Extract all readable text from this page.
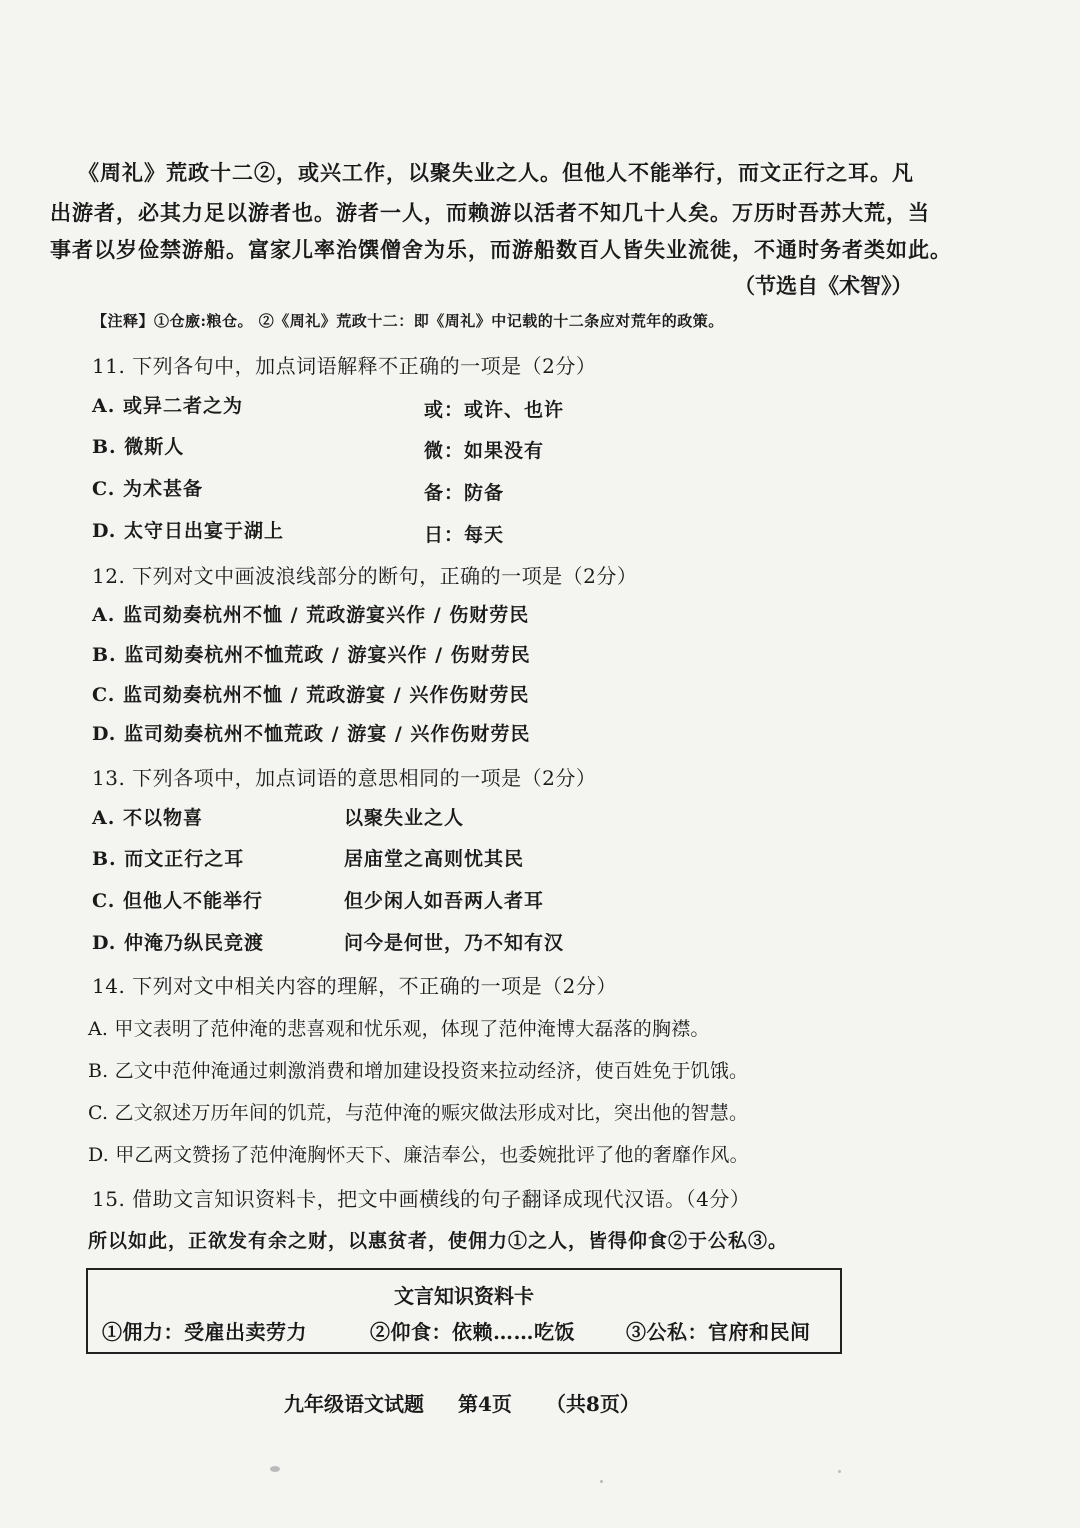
《周礼》荒政十二②，或兴工作，以聚失业之人。但他人不能举行，而文正行之耳。凡
出游者，必其力足以游者也。游者一人，而赖游以活者不知几十人矣。万历时吾苏大荒，当
事者以岁俭禁游船。富家儿率治馔僧舍为乐，而游船数百人皆失业流徙，不通时务者类如此。
（节选自《术智》）
【注释】①仓廒:粮仓。 ②《周礼》荒政十二：即《周礼》中记载的十二条应对荒年的政策。
11. 下列各句中，加点词语解释不正确的一项是（2分）
A. 或异二者之为	或：或许、也许
B. 微斯人	微：如果没有
C. 为术甚备	备：防备
D. 太守日出宴于湖上	日：每天
12. 下列对文中画波浪线部分的断句，正确的一项是（2分）
A. 监司劾奏杭州不恤 / 荒政游宴兴作 / 伤财劳民
B. 监司劾奏杭州不恤荒政 / 游宴兴作 / 伤财劳民
C. 监司劾奏杭州不恤 / 荒政游宴 / 兴作伤财劳民
D. 监司劾奏杭州不恤荒政 / 游宴 / 兴作伤财劳民
13. 下列各项中，加点词语的意思相同的一项是（2分）
A. 不以物喜	以聚失业之人
B. 而文正行之耳	居庙堂之高则忧其民
C. 但他人不能举行	但少闲人如吾两人者耳
D. 仲淹乃纵民竞渡	问今是何世，乃不知有汉
14. 下列对文中相关内容的理解，不正确的一项是（2分）
A. 甲文表明了范仲淹的悲喜观和忧乐观，体现了范仲淹博大磊落的胸襟。
B. 乙文中范仲淹通过刺激消费和增加建设投资来拉动经济，使百姓免于饥饿。
C. 乙文叙述万历年间的饥荒，与范仲淹的赈灾做法形成对比，突出他的智慧。
D. 甲乙两文赞扬了范仲淹胸怀天下、廉洁奉公，也委婉批评了他的奢靡作风。
15. 借助文言知识资料卡，把文中画横线的句子翻译成现代汉语。（4分）
所以如此，正欲发有余之财，以惠贫者，使佣力①之人，皆得仰食②于公私③。
文言知识资料卡
①佣力：受雇出卖劳力	②仰食：依赖……吃饭	③公私：官府和民间
九年级语文试题 第4页 （共8页）
